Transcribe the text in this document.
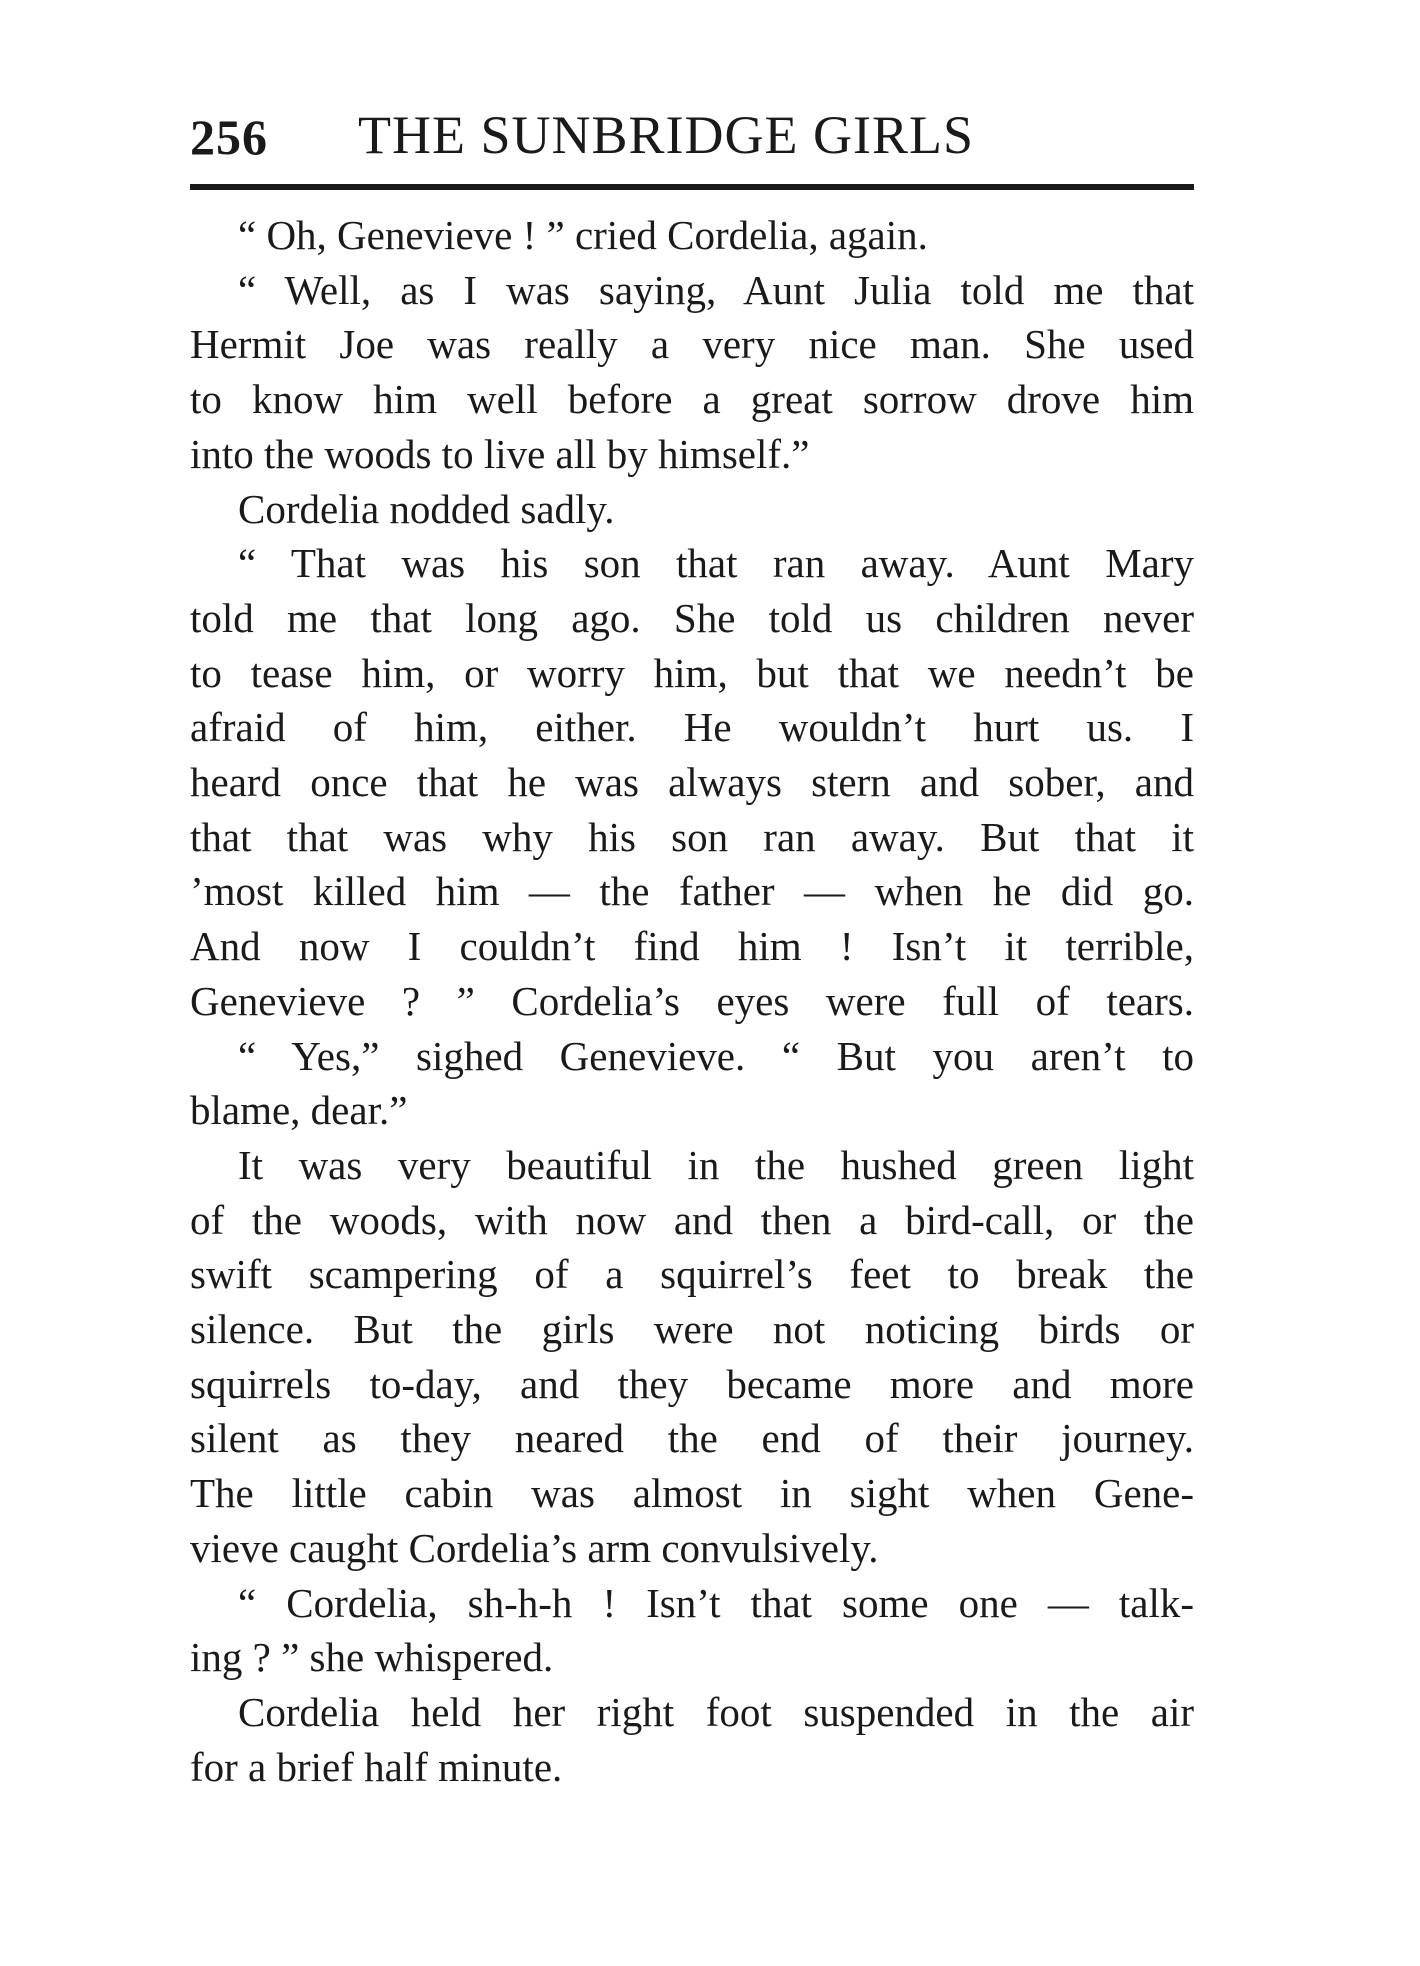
256 THE SUNBRIDGE GIRLS
“ Oh, Genevieve ! ” cried Cordelia, again.
“ Well, as I was saying, Aunt Julia told me that
Hermit Joe was really a very nice man. She used
to know him well before a great sorrow drove him
into the woods to live all by himself.”
Cordelia nodded sadly.
“ That was his son that ran away. Aunt Mary
told me that long ago. She told us children never
to tease him, or worry him, but that we needn’t be
afraid of him, either. He wouldn’t hurt us. I
heard once that he was always stern and sober, and
that that was why his son ran away. But that it
’most killed him — the father — when he did go.
And now I couldn’t find him ! Isn’t it terrible,
Genevieve ? ” Cordelia’s eyes were full of tears.
“ Yes,” sighed Genevieve. “ But you aren’t to
blame, dear.”
It was very beautiful in the hushed green light
of the woods, with now and then a bird-call, or the
swift scampering of a squirrel’s feet to break the
silence. But the girls were not noticing birds or
squirrels to-day, and they became more and more
silent as they neared the end of their journey.
The little cabin was almost in sight when Gene-
vieve caught Cordelia’s arm convulsively.
“ Cordelia, sh-h-h ! Isn’t that some one — talk-
ing ? ” she whispered.
Cordelia held her right foot suspended in the air
for a brief half minute.
